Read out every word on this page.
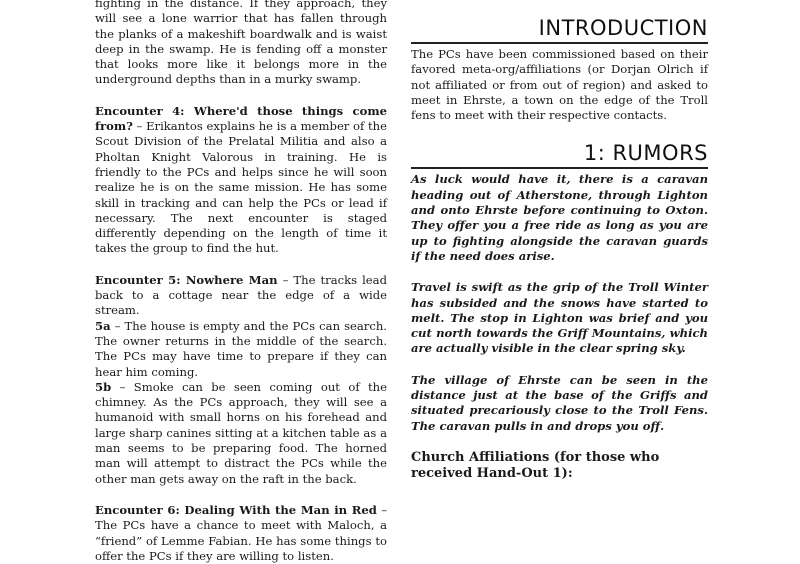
fighting in the distance. If they approach, they will see a lone warrior that has fallen through the planks of a makeshift boardwalk and is waist deep in the swamp. He is fending off a monster that looks more like it belongs more in the underground depths than in a murky swamp.

Encounter 4: Where'd those things come from? – Erikantos explains he is a member of the Scout Division of the Prelatal Militia and also a Pholtan Knight Valorous in training. He is friendly to the PCs and helps since he will soon realize he is on the same mission. He has some skill in tracking and can help the PCs or lead if necessary. The next encounter is staged differently depending on the length of time it takes the group to find the hut.

Encounter 5: Nowhere Man – The tracks lead back to a cottage near the edge of a wide stream.

5a – The house is empty and the PCs can search. The owner returns in the middle of the search. The PCs may have time to prepare if they can hear him coming.

5b – Smoke can be seen coming out of the chimney. As the PCs approach, they will see a humanoid with small horns on his forehead and large sharp canines sitting at a kitchen table as a man seems to be preparing food. The horned man will attempt to distract the PCs while the other man gets away on the raft in the back.

Encounter 6: Dealing With the Man in Red – The PCs have a chance to meet with Maloch, a “friend” of Lemme Fabian. He has some things to offer the PCs if they are willing to listen.

INTRODUCTION

The PCs have been commissioned based on their favored meta-org/affiliations (or Dorjan Olrich if not affiliated or from out of region) and asked to meet in Ehrste, a town on the edge of the Troll fens to meet with their respective contacts.

1: RUMORS

As luck would have it, there is a caravan heading out of Atherstone, through Lighton and onto Ehrste before continuing to Oxton. They offer you a free ride as long as you are up to fighting alongside the caravan guards if the need does arise.

Travel is swift as the grip of the Troll Winter has subsided and the snows have started to melt. The stop in Lighton was brief and you cut north towards the Griff Mountains, which are actually visible in the clear spring sky.

The village of Ehrste can be seen in the distance just at the base of the Griffs and situated precariously close to the Troll Fens. The caravan pulls in and drops you off.

Church Affiliations (for those who received Hand-Out 1):
